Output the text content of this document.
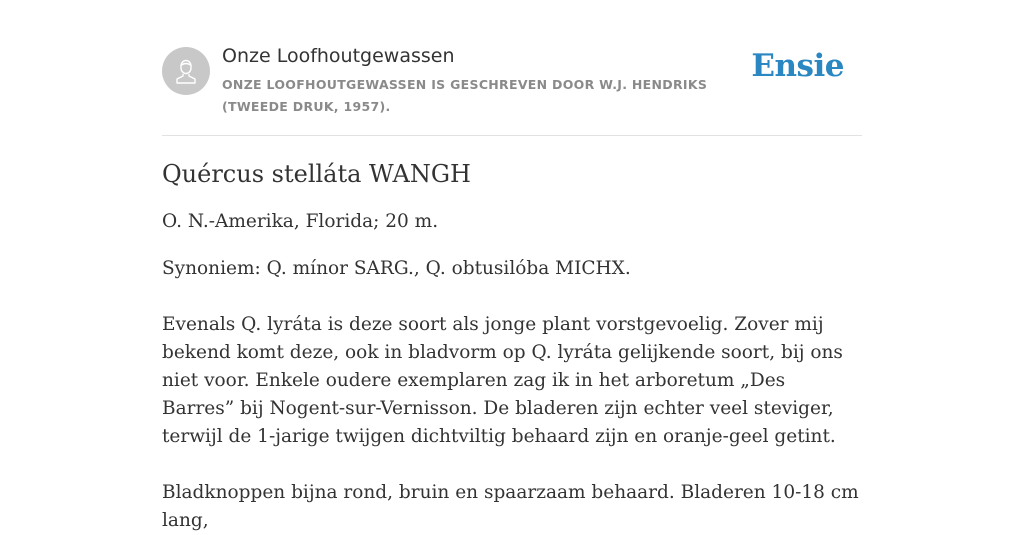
Onze Loofhoutgewassen
ONZE LOOFHOUTGEWASSEN IS GESCHREVEN DOOR W.J. HENDRIKS (TWEEDE DRUK, 1957).
Ensie
Quércus stelláta WANGH

O. N.-Amerika, Florida; 20 m.

Synoniem: Q. mínor SARG., Q. obtusilóba MICHX.

Evenals Q. lyráta is deze soort als jonge plant vorstgevoelig. Zover mij bekend komt deze, ook in bladvorm op Q. lyráta gelijkende soort, bij ons niet voor. Enkele oudere exemplaren zag ik in het arboretum „Des Barres” bij Nogent-sur-Vernisson. De bladeren zijn echter veel steviger, terwijl de 1-jarige twijgen dichtviltig behaard zijn en oranje-geel getint.

Bladknoppen bijna rond, bruin en spaarzaam behaard. Bladeren 10-18 cm lang,
